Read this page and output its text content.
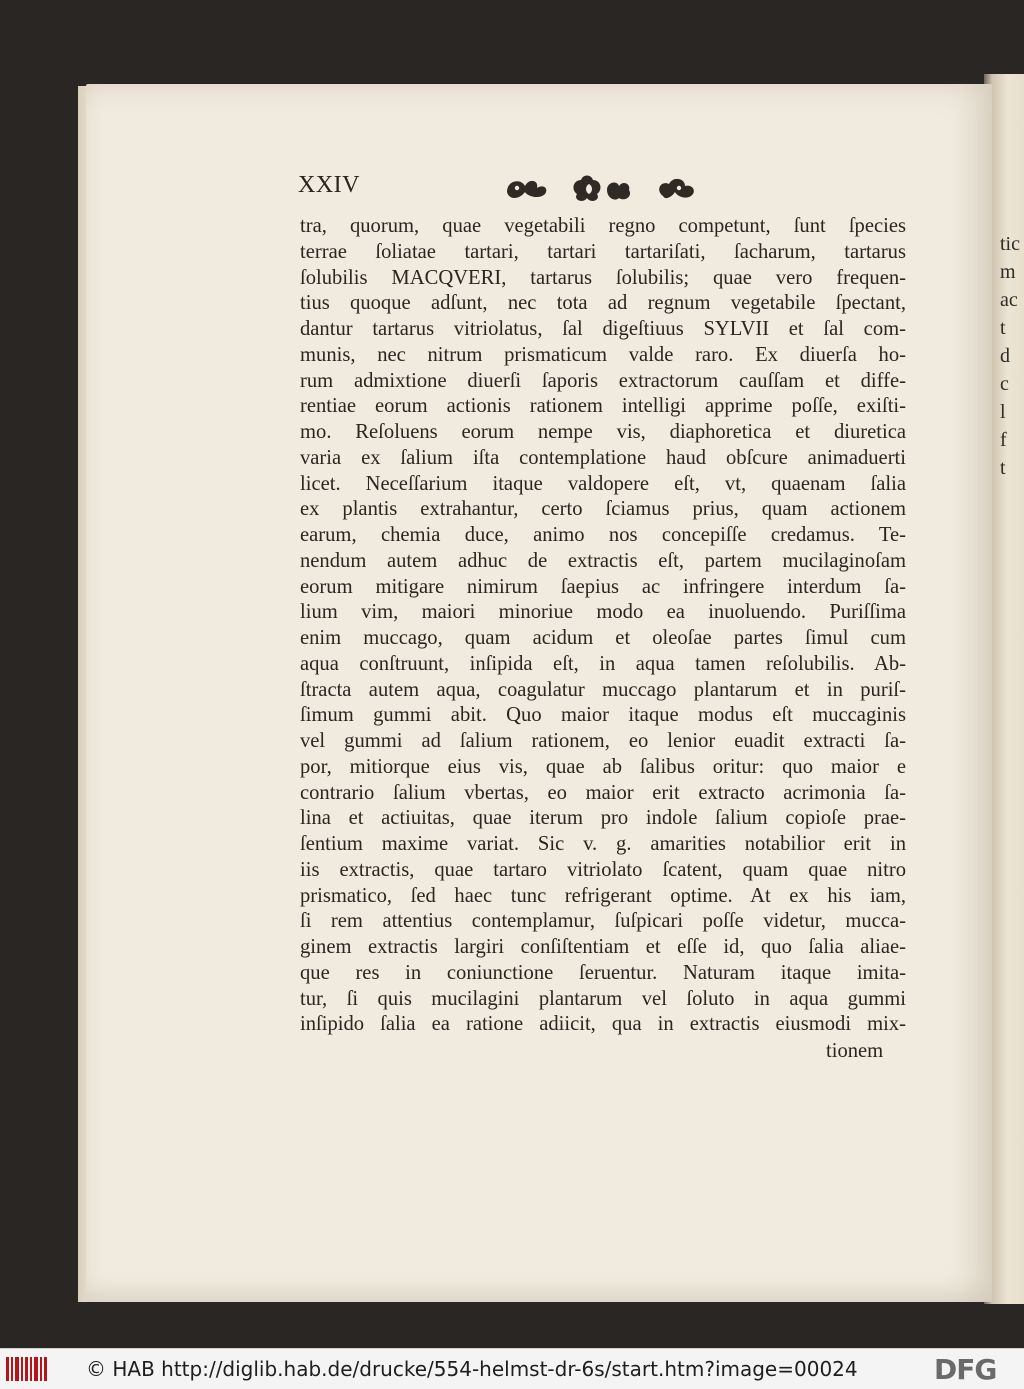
tic
m
ac
t
d
c
l
f
t
XXIV
tra, quorum, quae vegetabili regno competunt, ſunt ſpecies
terrae ſoliatae tartari, tartari tartariſati, ſacharum, tartarus
ſolubilis MACQVERI, tartarus ſolubilis; quae vero frequen-
tius quoque adſunt, nec tota ad regnum vegetabile ſpectant,
dantur tartarus vitriolatus, ſal digeſtiuus SYLVII et ſal com-
munis, nec nitrum prismaticum valde raro. Ex diuerſa ho-
rum admixtione diuerſi ſaporis extractorum cauſſam et diffe-
rentiae eorum actionis rationem intelligi apprime poſſe, exiſti-
mo. Reſoluens eorum nempe vis, diaphoretica et diuretica
varia ex ſalium iſta contemplatione haud obſcure animaduerti
licet. Neceſſarium itaque valdopere eſt, vt, quaenam ſalia
ex plantis extrahantur, certo ſciamus prius, quam actionem
earum, chemia duce, animo nos concepiſſe credamus. Te-
nendum autem adhuc de extractis eſt, partem mucilaginoſam
eorum mitigare nimirum ſaepius ac infringere interdum ſa-
lium vim, maiori minoriue modo ea inuoluendo. Puriſſima
enim muccago, quam acidum et oleoſae partes ſimul cum
aqua conſtruunt, inſipida eſt, in aqua tamen reſolubilis. Ab-
ſtracta autem aqua, coagulatur muccago plantarum et in puriſ-
ſimum gummi abit. Quo maior itaque modus eſt muccaginis
vel gummi ad ſalium rationem, eo lenior euadit extracti ſa-
por, mitiorque eius vis, quae ab ſalibus oritur: quo maior e
contrario ſalium vbertas, eo maior erit extracto acrimonia ſa-
lina et actiuitas, quae iterum pro indole ſalium copioſe prae-
ſentium maxime variat. Sic v. g. amarities notabilior erit in
iis extractis, quae tartaro vitriolato ſcatent, quam quae nitro
prismatico, ſed haec tunc refrigerant optime. At ex his iam,
ſi rem attentius contemplamur, ſuſpicari poſſe videtur, mucca-
ginem extractis largiri conſiſtentiam et eſſe id, quo ſalia aliae-
que res in coniunctione ſeruentur. Naturam itaque imita-
tur, ſi quis mucilagini plantarum vel ſoluto in aqua gummi
inſipido ſalia ea ratione adiicit, qua in extractis eiusmodi mix-
tionem
© HAB http://diglib.hab.de/drucke/554-helmst-dr-6s/start.htm?image=00024	DFG
